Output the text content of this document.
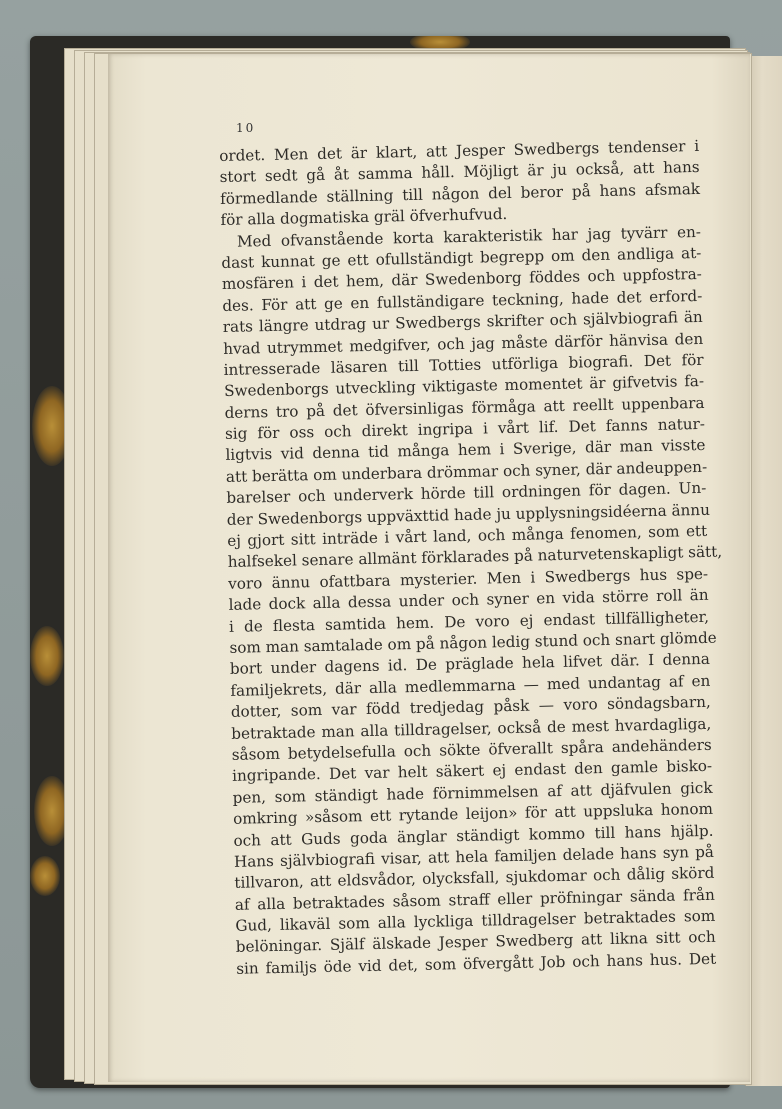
10
ordet. Men det är klart, att Jesper Swedbergs tendenser i
stort sedt gå åt samma håll. Möjligt är ju också, att hans
förmedlande ställning till någon del beror på hans afsmak
för alla dogmatiska gräl öfverhufvud.
Med ofvanstående korta karakteristik har jag tyvärr en-
dast kunnat ge ett ofullständigt begrepp om den andliga at-
mosfären i det hem, där Swedenborg föddes och uppfostra-
des. För att ge en fullständigare teckning, hade det erford-
rats längre utdrag ur Swedbergs skrifter och självbiografi än
hvad utrymmet medgifver, och jag måste därför hänvisa den
intresserade läsaren till Totties utförliga biografi. Det för
Swedenborgs utveckling viktigaste momentet är gifvetvis fa-
derns tro på det öfversinligas förmåga att reellt uppenbara
sig för oss och direkt ingripa i vårt lif. Det fanns natur-
ligtvis vid denna tid många hem i Sverige, där man visste
att berätta om underbara drömmar och syner, där andeuppen-
barelser och underverk hörde till ordningen för dagen. Un-
der Swedenborgs uppväxttid hade ju upplysningsidéerna ännu
ej gjort sitt inträde i vårt land, och många fenomen, som ett
halfsekel senare allmänt förklarades på naturvetenskapligt sätt,
voro ännu ofattbara mysterier. Men i Swedbergs hus spe-
lade dock alla dessa under och syner en vida större roll än
i de flesta samtida hem. De voro ej endast tillfälligheter,
som man samtalade om på någon ledig stund och snart glömde
bort under dagens id. De präglade hela lifvet där. I denna
familjekrets, där alla medlemmarna — med undantag af en
dotter, som var född tredjedag påsk — voro söndagsbarn,
betraktade man alla tilldragelser, också de mest hvardagliga,
såsom betydelsefulla och sökte öfverallt spåra andehänders
ingripande. Det var helt säkert ej endast den gamle bisko-
pen, som ständigt hade förnimmelsen af att djäfvulen gick
omkring »såsom ett rytande leijon» för att uppsluka honom
och att Guds goda änglar ständigt kommo till hans hjälp.
Hans självbiografi visar, att hela familjen delade hans syn på
tillvaron, att eldsvådor, olycksfall, sjukdomar och dålig skörd
af alla betraktades såsom straff eller pröfningar sända från
Gud, likaväl som alla lyckliga tilldragelser betraktades som
belöningar. Själf älskade Jesper Swedberg att likna sitt och
sin familjs öde vid det, som öfvergått Job och hans hus. Det
